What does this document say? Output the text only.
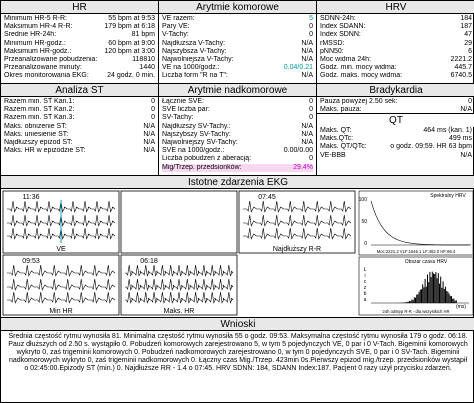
HR
Minimum HR-5 R-R:	55 bpm at 9:53
Maksimum HR-4 R-R:	179 bpm at 6:18
Średnie HR-24h:	81 bpm
Minimum HR-godz.:	60 bpm at 9:00
Maksimum HR-godz.:	120 bpm at 3:00
Przeanalizowane pobudzenia:	118810
Przeanalizowane minuty:	1440
Okres monitorowania EKG:	24 godz. 0 min.
Arytmie komorowe
VE razem:	5
Pary VE:	0
V-Tachy:	0
Najdłuższa V-Tachy:	N/A
Najszybsza V-Tachy:	N/A
Najwolniejsza V-Tachy:	N/A
VE na 1000/godz.:	0.04/0.21
Liczba form "R na T":	N/A
HRV
SDNN-24h:	184
Index SDANN:	187
Index SDNN:	47
rMSSD:	29
pNN50:	6
Moc widma 24h:	2221.2
Godz. min. mocy widma:	445.7
Godz. maks. mocy widma:	6740.5
Analiza ST
Razem min. ST Kan.1:	0
Razem min. ST Kan.2:	0
Razem min. ST Kan.3:	0
Maks. obniżenie ST:	N/A
Maks. uniesienie ST:	N/A
Najdłuższy epizod ST:	N/A
Maks. HR w epizodzie ST:	N/A
Arytmie nadkomorowe
Łącznie SVE:	0
SVE liczba par:	0
SV-Tachy:	0
Najdłuższy SV-Tachy.:	N/A
Najszybszy SV-Tachy:	N/A
Najwolniejszy SV-Tachy:	N/A
SVE na 1000/godz.:	0.00/0.00
Liczba pobudzeń z aberacją:	0
Mig/Trzep. przedsionków:	29.4%
Bradykardia
Pauza powyżej 2.50 sek:	0
Maks. pauza:	N/A
QT
Maks. QT:	464 ms (kan. 1)
Maks.QTc:	499 ms
Maks. QT/QTc:	o godz. 09:59. HR 63 bpm
VE-BBB	N/A
Istotne zdarzenia EKG
11:36
VE
07:45
Najdłuższy R-R
09:53
Min HR
06:18
Maks. HR
Spektralny HRV
100
50
0
Moc:2221.2 VLF:1646.1 LF:462.0 HF:69.4
Obszar czasu HRV
L
i
c
z
b
a
(ms)
24h odstęp R-R - dla wszystkich HR
Wnioski
Średnia częstość rytmu wynosiła 81. Minimalna częstość rytmu wynosiła 55 o godz. 09:53. Maksymalna częstość rytmu wynosiła 179 o godz. 06:18. Pauz dłuższych od 2.50 s. wystąpiło 0. Pobudzeń komorowych zarejestrowano 5, w tym 5 pojedynczych VE, 0 par i 0 V-Tach. Bigeminii komorowych wykryto 0, zaś trigeminii komorowych 0. Pobudzeń nadkomorowych zarejestrowano 0, w tym 0 pojedynczych SVE, 0 par i 0 SV-Tach. Bigeminii nadkomorowych wykryto 0, zaś trigeminii nadkomorowych 0. Łączny czas Mig./Trzep. 423min 0s.Pierwszy epizod mig./trzep. przedsionków wystąpił o 02:45:00.Epizody ST (min.) 0. Najdłuższe RR - 1.4 o 07:45. HRV SDNN: 184, SDANN Index:187. Pacjent 0 razy użył przycisku zdarzeń.
